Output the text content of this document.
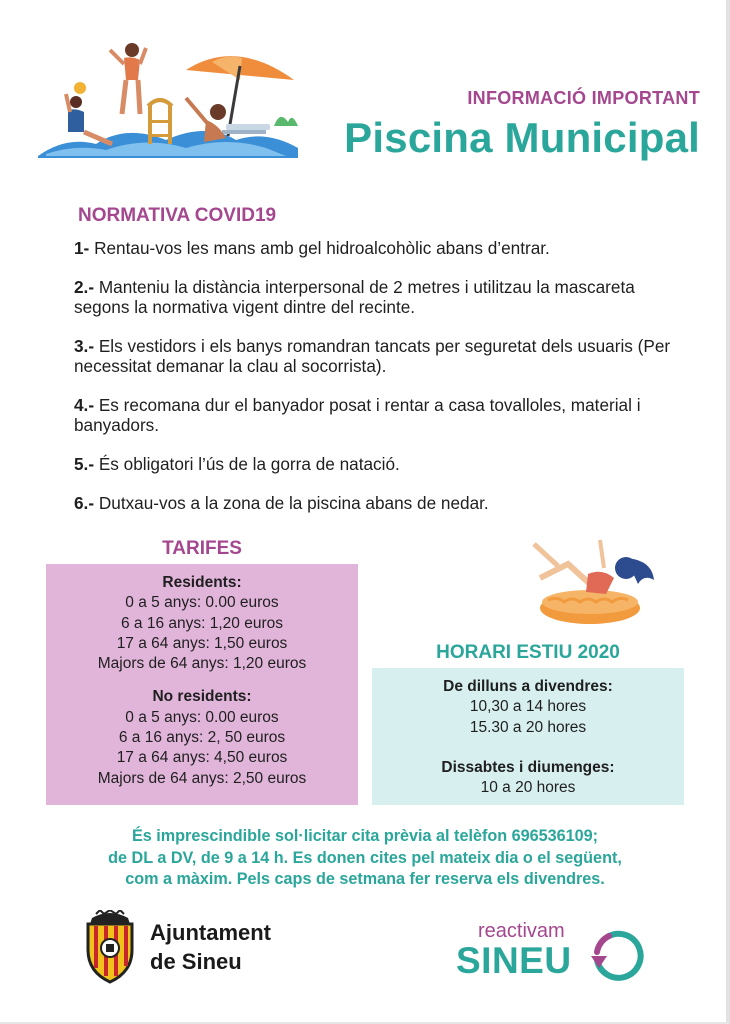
INFORMACIÓ IMPORTANT
Piscina Municipal
NORMATIVA COVID19
1- Rentau-vos les mans amb gel hidroalcohòlic abans d’entrar.
2.- Manteniu la distància interpersonal de 2 metres i utilitzau la mascareta segons la normativa vigent dintre del recinte.
3.- Els vestidors i els banys romandran tancats per seguretat dels usuaris (Per necessitat demanar la clau al socorrista).
4.- Es recomana dur el banyador posat i rentar a casa tovalloles, material i banyadors.
5.- És obligatori l’ús de la gorra de natació.
6.- Dutxau-vos a la zona de la piscina abans de nedar.
TARIFES
Residents:
0 a 5 anys: 0.00 euros
6 a 16 anys: 1,20 euros
17 a 64 anys: 1,50 euros
Majors de 64 anys: 1,20 euros
No residents:
0 a 5 anys: 0.00 euros
6 a 16 anys: 2, 50 euros
17 a 64 anys: 4,50 euros
Majors de 64 anys: 2,50 euros
HORARI ESTIU 2020
De dilluns a divendres:
10,30 a 14 hores
15.30 a 20 hores
Dissabtes i diumenges:
10 a 20 hores
És imprescindible sol·licitar cita prèvia al telèfon 696536109;
de DL a DV, de 9 a 14 h. Es donen cites pel mateix dia o el següent,
com a màxim. Pels caps de setmana fer reserva els divendres.
Ajuntament
de Sineu
reactivam
SINEU
